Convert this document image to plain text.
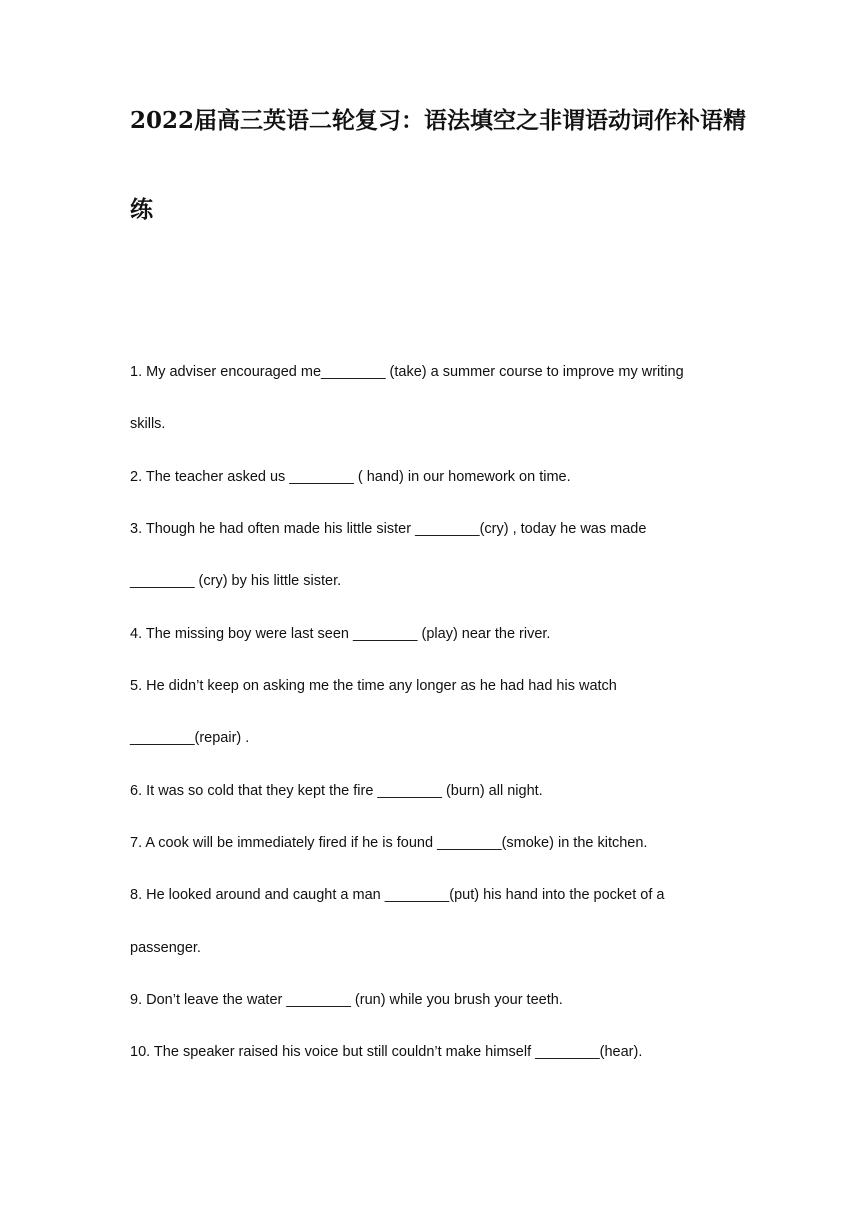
2022届高三英语二轮复习：语法填空之非谓语动词作补语精
练
1. My adviser encouraged me________ (take) a summer course to improve my writing
skills.
2. The teacher asked us ________ ( hand) in our homework on time.
3. Though he had often made his little sister ________(cry) , today he was made
________ (cry) by his little sister.
4. The missing boy were last seen ________ (play) near the river.
5. He didn’t keep on asking me the time any longer as he had had his watch
________(repair) .
6. It was so cold that they kept the fire ________ (burn) all night.
7. A cook will be immediately fired if he is found ________(smoke) in the kitchen.
8. He looked around and caught a man ________(put) his hand into the pocket of a
passenger.
9. Don’t leave the water ________ (run) while you brush your teeth.
10. The speaker raised his voice but still couldn’t make himself ________(hear).
